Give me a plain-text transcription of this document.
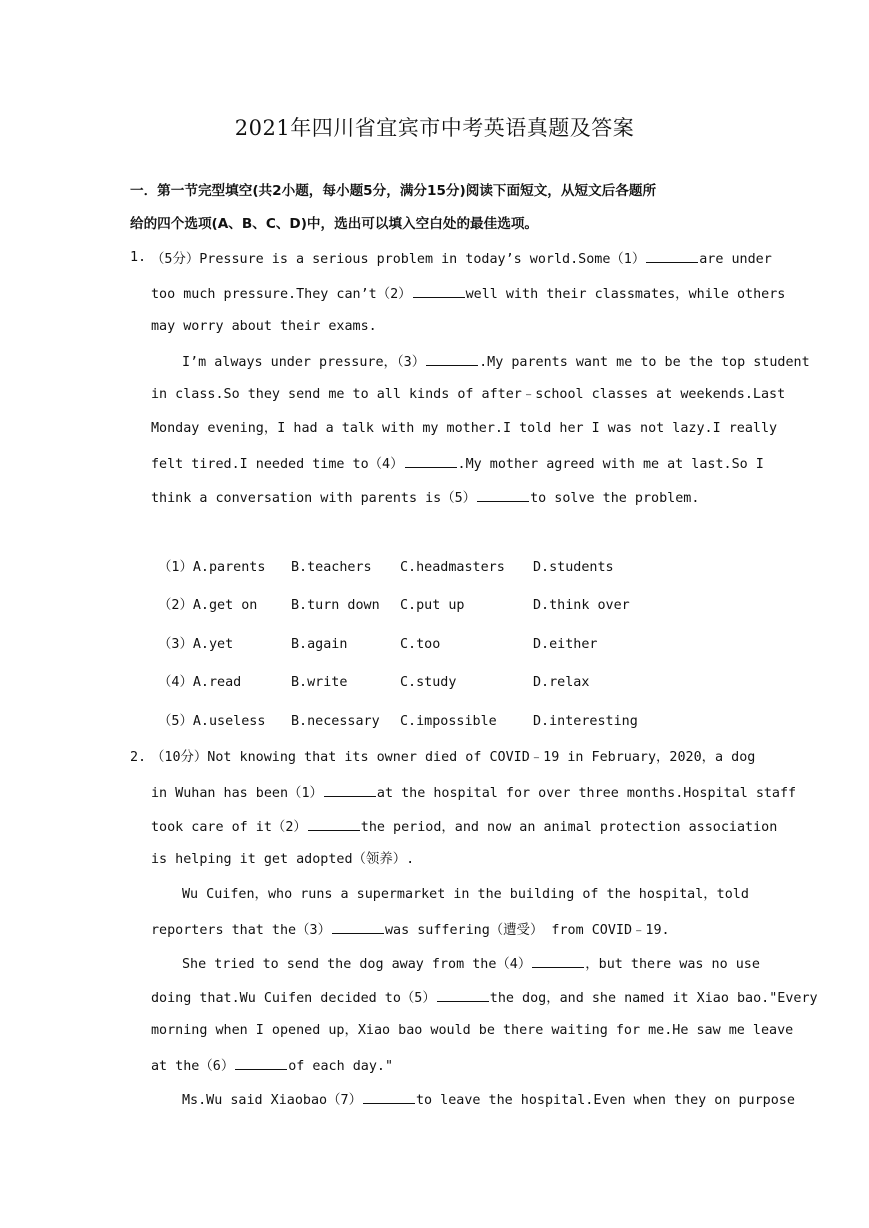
2021年四川省宜宾市中考英语真题及答案
一．第一节完型填空(共2小题，每小题5分，满分15分)阅读下面短文，从短文后各题所
给的四个选项(A、B、C、D)中，选出可以填入空白处的最佳选项。
1. （5分）Pressure is a serious problem in today’s world.Some（1）	are under
too much pressure.They can’t（2）	well with their classmates，while others
may worry about their exams.
I’m always under pressure，（3）	.My parents want me to be the top student
in class.So they send me to all kinds of after﹣school classes at weekends.Last
Monday evening，I had a talk with my mother.I told her I was not lazy.I really
felt tired.I needed time to（4）	.My mother agreed with me at last.So I
think a conversation with parents is（5）	to solve the problem.
（1）A.parents B.teachers C.headmasters D.students
（2）A.get on	B.turn down C.put up	D.think over
（3）A.yet	B.again	C.too	D.either
（4）A.read	B.write	C.study	D.relax
（5）A.useless B.necessary C.impossible	D.interesting
2. （10分）Not knowing that its owner died of COVID﹣19 in February，2020，a dog
in Wuhan has been（1）	at the hospital for over three months.Hospital staff
took care of it（2）	the period，and now an animal protection association
is helping it get adopted（领养）.
Wu Cuifen，who runs a supermarket in the building of the hospital，told
reporters that the（3）	was suffering（遭受） from COVID﹣19.
She tried to send the dog away from the（4）	，but there was no use
doing that.Wu Cuifen decided to（5）	the dog，and she named it Xiao bao."Every
morning when I opened up，Xiao bao would be there waiting for me.He saw me leave
at the（6）	of each day."
Ms.Wu said Xiaobao（7）	to leave the hospital.Even when they on purpose
